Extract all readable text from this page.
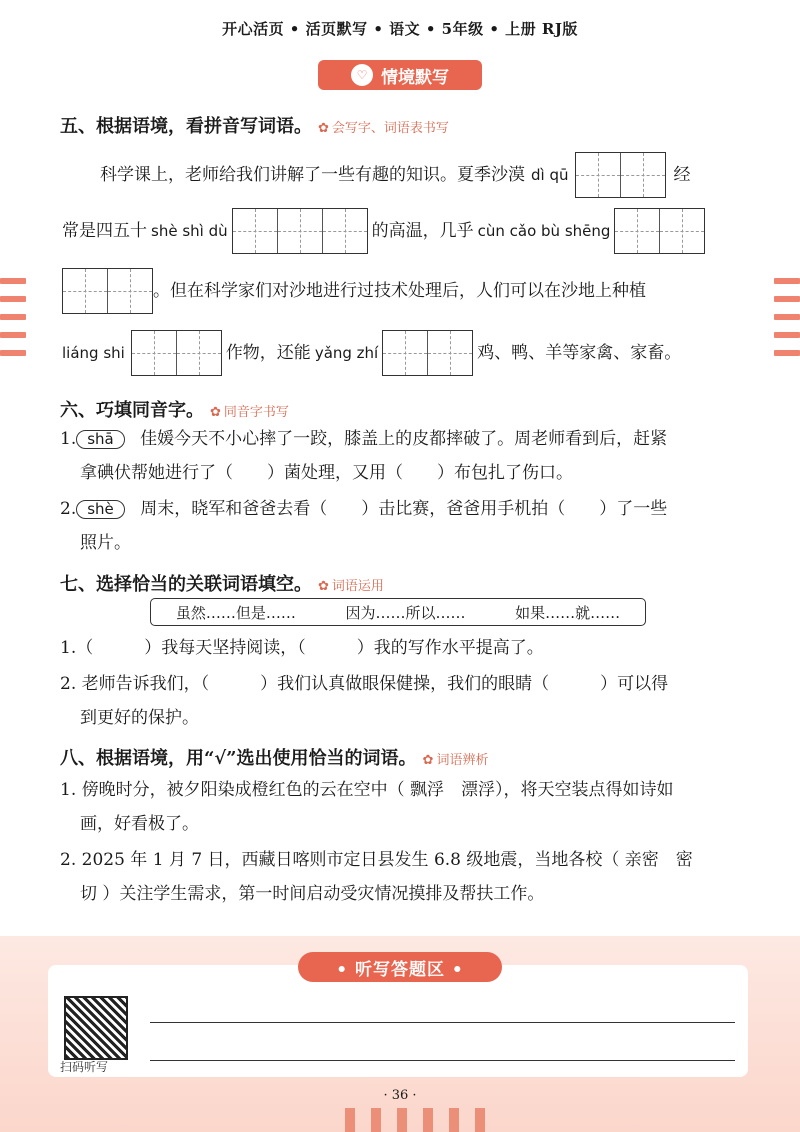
开心活页 • 活页默写 • 语文 • 5年级 • 上册 RJ版
♡ 情境默写
五、根据语境，看拼音写词语。 ✿ 会写字、词语表书写
科学课上，老师给我们讲解了一些有趣的知识。夏季沙漠 dì qū	经
常是四五十 shè shì dù	的高温，几乎 cùn cǎo bù shēng
。但在科学家们对沙地进行过技术处理后，人们可以在沙地上种植
liáng shi	作物，还能 yǎng zhí	鸡、鸭、羊等家禽、家畜。
六、巧填同音字。 ✿ 同音字书写
1. shā 佳媛今天不小心摔了一跤，膝盖上的皮都摔破了。周老师看到后，赶紧
拿碘伏帮她进行了（　　）菌处理，又用（　　）布包扎了伤口。
2. shè 周末，晓军和爸爸去看（　　）击比赛，爸爸用手机拍（　　）了一些
照片。
七、选择恰当的关联词语填空。 ✿ 词语运用
虽然……但是……	因为……所以……	如果……就……
1.（　　　）我每天坚持阅读，（　　　）我的写作水平提高了。
2. 老师告诉我们，（　　　）我们认真做眼保健操，我们的眼睛（　　　）可以得
到更好的保护。
八、根据语境，用“√”选出使用恰当的词语。 ✿ 词语辨析
1. 傍晚时分，被夕阳染成橙红色的云在空中（ 飘浮　漂浮），将天空装点得如诗如
画，好看极了。
2. 2025 年 1 月 7 日，西藏日喀则市定日县发生 6.8 级地震，当地各校（ 亲密　密
切 ）关注学生需求，第一时间启动受灾情况摸排及帮扶工作。
• 听写答题区 •
扫码听写
· 36 ·
